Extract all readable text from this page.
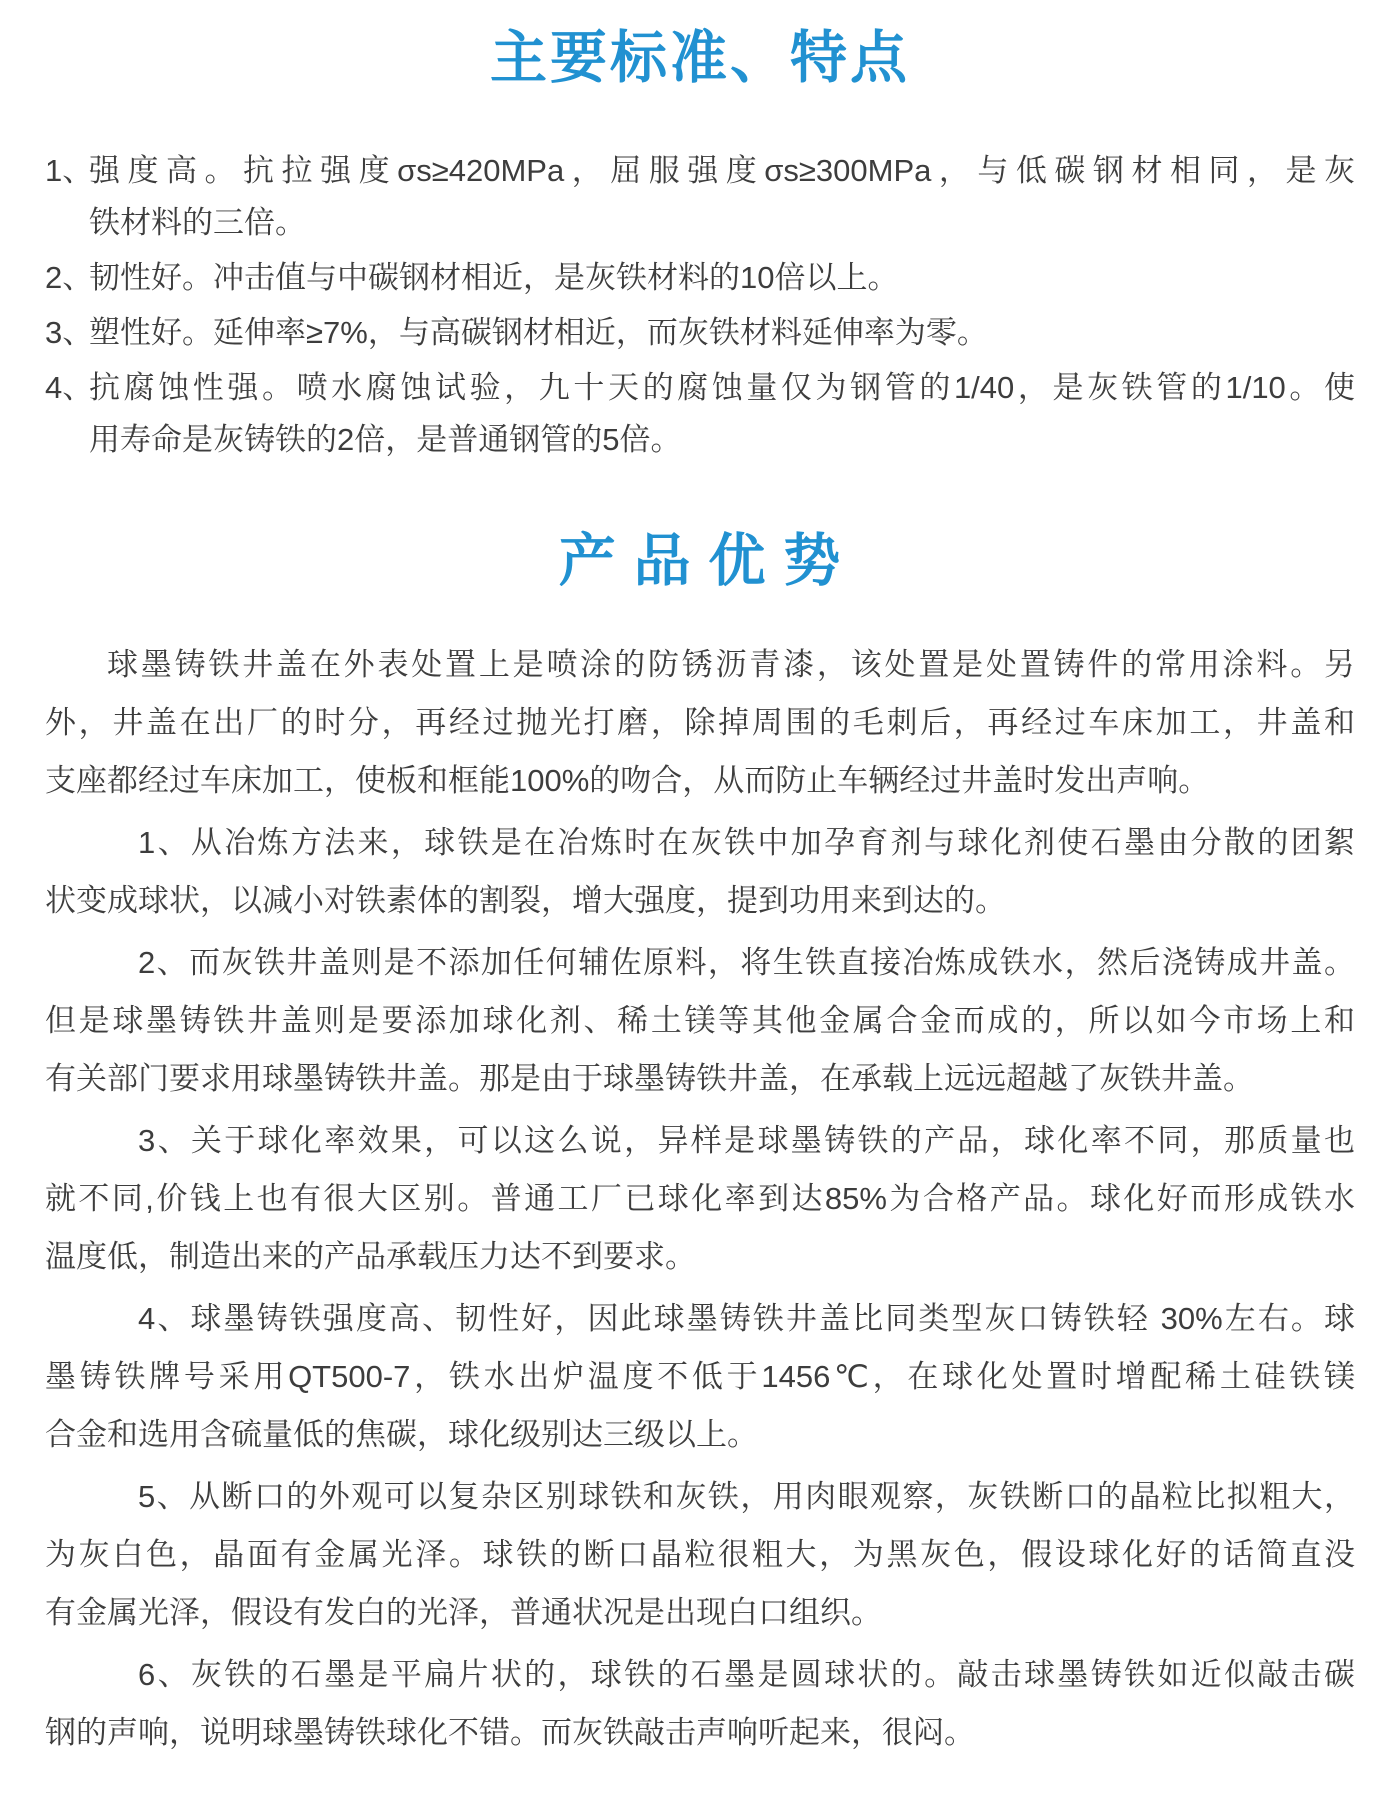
主要标准、特点
1、
强度高。抗拉强度σs≥420MPa，屈服强度σs≥300MPa，与低碳钢材相同，是灰
铁材料的三倍。
2、
韧性好。冲击值与中碳钢材相近，是灰铁材料的10倍以上。
3、
塑性好。延伸率≥7%，与高碳钢材相近，而灰铁材料延伸率为零。
4、
抗腐蚀性强。喷水腐蚀试验，九十天的腐蚀量仅为钢管的1/40，是灰铁管的1/10。使
用寿命是灰铸铁的2倍，是普通钢管的5倍。
产 品 优 势
球墨铸铁井盖在外表处置上是喷涂的防锈沥青漆，该处置是处置铸件的常用涂料。另
外，井盖在出厂的时分，再经过抛光打磨，除掉周围的毛刺后，再经过车床加工，井盖和
支座都经过车床加工，使板和框能100%的吻合，从而防止车辆经过井盖时发出声响。
1、从冶炼方法来，球铁是在冶炼时在灰铁中加孕育剂与球化剂使石墨由分散的团絮
状变成球状，以减小对铁素体的割裂，增大强度，提到功用来到达的。
2、而灰铁井盖则是不添加任何辅佐原料，将生铁直接冶炼成铁水，然后浇铸成井盖。
但是球墨铸铁井盖则是要添加球化剂、稀土镁等其他金属合金而成的，所以如今市场上和
有关部门要求用球墨铸铁井盖。那是由于球墨铸铁井盖，在承载上远远超越了灰铁井盖。
3、关于球化率效果，可以这么说，异样是球墨铸铁的产品，球化率不同，那质量也
就不同,价钱上也有很大区别。普通工厂已球化率到达85%为合格产品。球化好而形成铁水
温度低，制造出来的产品承载压力达不到要求。
4、球墨铸铁强度高、韧性好，因此球墨铸铁井盖比同类型灰口铸铁轻 30%左右。球
墨铸铁牌号采用QT500-7，铁水出炉温度不低于1456℃，在球化处置时增配稀土硅铁镁
合金和选用含硫量低的焦碳，球化级别达三级以上。
5、从断口的外观可以复杂区别球铁和灰铁，用肉眼观察，灰铁断口的晶粒比拟粗大，
为灰白色，晶面有金属光泽。球铁的断口晶粒很粗大，为黑灰色，假设球化好的话简直没
有金属光泽，假设有发白的光泽，普通状况是出现白口组织。
6、灰铁的石墨是平扁片状的，球铁的石墨是圆球状的。敲击球墨铸铁如近似敲击碳
钢的声响，说明球墨铸铁球化不错。而灰铁敲击声响听起来，很闷。
